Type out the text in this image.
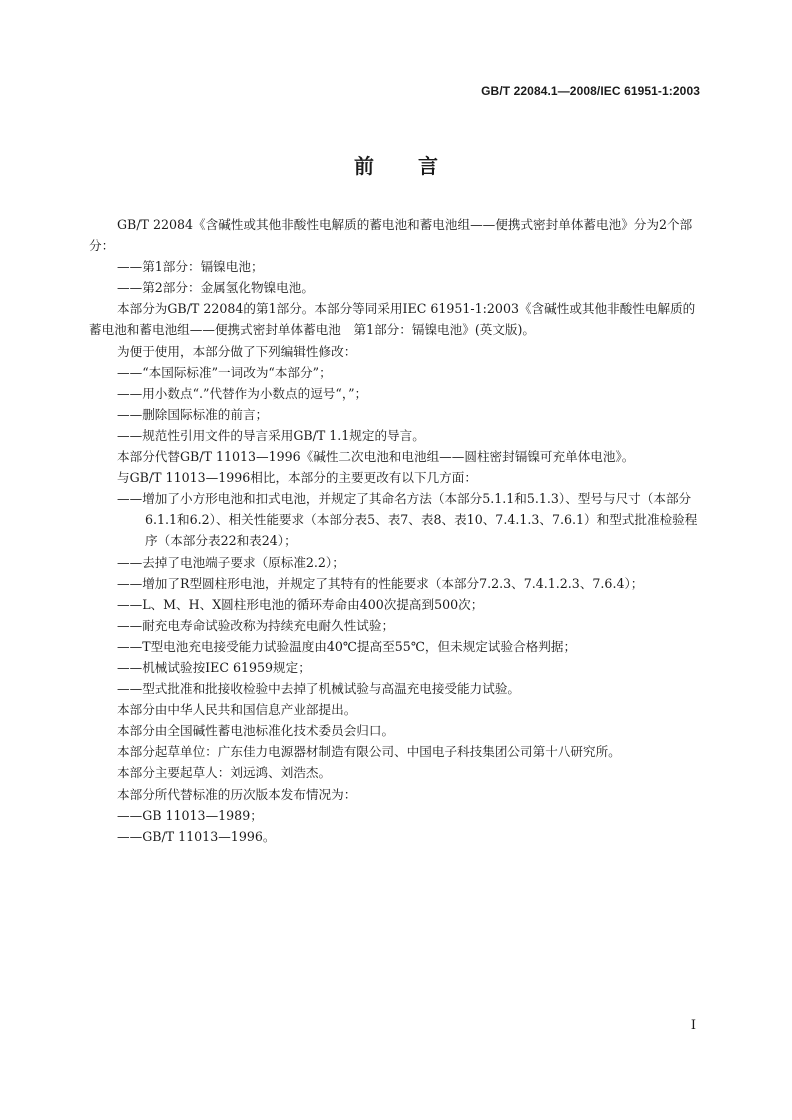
GB/T 22084.1—2008/IEC 61951-1:2003
前 言

GB/T 22084《含碱性或其他非酸性电解质的蓄电池和蓄电池组——便携式密封单体蓄电池》分为2个部分：

——第1部分：镉镍电池；

——第2部分：金属氢化物镍电池。

本部分为GB/T 22084的第1部分。本部分等同采用IEC 61951-1:2003《含碱性或其他非酸性电解质的蓄电池和蓄电池组——便携式密封单体蓄电池　第1部分：镉镍电池》(英文版)。

为便于使用，本部分做了下列编辑性修改：

——“本国际标准”一词改为“本部分”；

——用小数点“.”代替作为小数点的逗号“，”；

——删除国际标准的前言；

——规范性引用文件的导言采用GB/T 1.1规定的导言。

本部分代替GB/T 11013—1996《碱性二次电池和电池组——圆柱密封镉镍可充单体电池》。

与GB/T 11013—1996相比，本部分的主要更改有以下几方面：

——增加了小方形电池和扣式电池，并规定了其命名方法（本部分5.1.1和5.1.3）、型号与尺寸（本部分6.1.1和6.2）、相关性能要求（本部分表5、表7、表8、表10、7.4.1.3、7.6.1）和型式批准检验程序（本部分表22和表24）；

——去掉了电池端子要求（原标准2.2）；

——增加了R型圆柱形电池，并规定了其特有的性能要求（本部分7.2.3、7.4.1.2.3、7.6.4）；

——L、M、H、X圆柱形电池的循环寿命由400次提高到500次；

——耐充电寿命试验改称为持续充电耐久性试验；

——T型电池充电接受能力试验温度由40℃提高至55℃，但未规定试验合格判据；

——机械试验按IEC 61959规定；

——型式批准和批接收检验中去掉了机械试验与高温充电接受能力试验。

本部分由中华人民共和国信息产业部提出。

本部分由全国碱性蓄电池标准化技术委员会归口。

本部分起草单位：广东佳力电源器材制造有限公司、中国电子科技集团公司第十八研究所。

本部分主要起草人：刘远鸿、刘浩杰。

本部分所代替标准的历次版本发布情况为：

——GB 11013—1989；

——GB/T 11013—1996。

I
